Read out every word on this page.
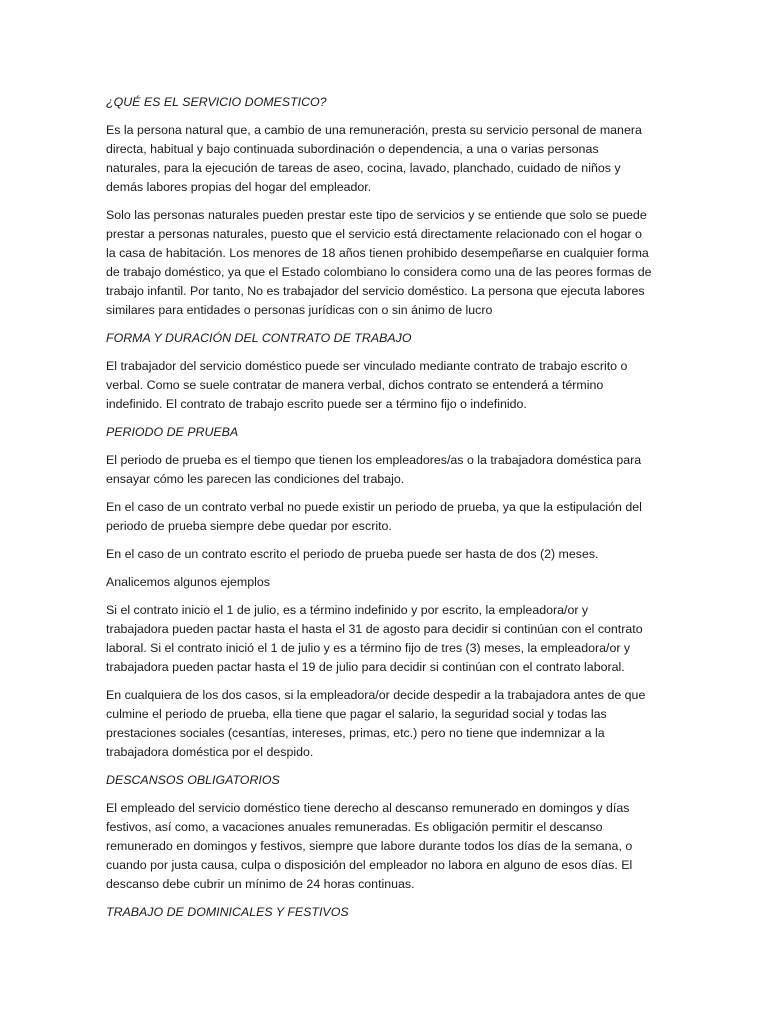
¿QUÉ ES EL SERVICIO DOMESTICO?
Es la persona natural que, a cambio de una remuneración, presta su servicio personal de manera
directa, habitual y bajo continuada subordinación o dependencia, a una o varias personas
naturales, para la ejecución de tareas de aseo, cocina, lavado, planchado, cuidado de niños y
demás labores propias del hogar del empleador.
Solo las personas naturales pueden prestar este tipo de servicios y se entiende que solo se puede
prestar a personas naturales, puesto que el servicio está directamente relacionado con el hogar o
la casa de habitación. Los menores de 18 años tienen prohibido desempeñarse en cualquier forma
de trabajo doméstico, ya que el Estado colombiano lo considera como una de las peores formas de
trabajo infantil. Por tanto, No es trabajador del servicio doméstico. La persona que ejecuta labores
similares para entidades o personas jurídicas con o sin ánimo de lucro
FORMA Y DURACIÓN DEL CONTRATO DE TRABAJO
El trabajador del servicio doméstico puede ser vinculado mediante contrato de trabajo escrito o
verbal. Como se suele contratar de manera verbal, dichos contrato se entenderá a término
indefinido. El contrato de trabajo escrito puede ser a término fijo o indefinido.
PERIODO DE PRUEBA
El periodo de prueba es el tiempo que tienen los empleadores/as o la trabajadora doméstica para
ensayar cómo les parecen las condiciones del trabajo.
En el caso de un contrato verbal no puede existir un periodo de prueba, ya que la estipulación del
periodo de prueba siempre debe quedar por escrito.
En el caso de un contrato escrito el periodo de prueba puede ser hasta de dos (2) meses.
Analicemos algunos ejemplos
Si el contrato inicio el 1 de julio, es a término indefinido y por escrito, la empleadora/or y
trabajadora pueden pactar hasta el hasta el 31 de agosto para decidir si continúan con el contrato
laboral. Si el contrato inició el 1 de julio y es a término fijo de tres (3) meses, la empleadora/or y
trabajadora pueden pactar hasta el 19 de julio para decidir si continúan con el contrato laboral.
En cualquiera de los dos casos, si la empleadora/or decide despedir a la trabajadora antes de que
culmine el periodo de prueba, ella tiene que pagar el salario, la seguridad social y todas las
prestaciones sociales (cesantías, intereses, primas, etc.) pero no tiene que indemnizar a la
trabajadora doméstica por el despido.
DESCANSOS OBLIGATORIOS
El empleado del servicio doméstico tiene derecho al descanso remunerado en domingos y días
festivos, así como, a vacaciones anuales remuneradas. Es obligación permitir el descanso
remunerado en domingos y festivos, siempre que labore durante todos los días de la semana, o
cuando por justa causa, culpa o disposición del empleador no labora en alguno de esos días. El
descanso debe cubrir un mínimo de 24 horas continuas.
TRABAJO DE DOMINICALES Y FESTIVOS
